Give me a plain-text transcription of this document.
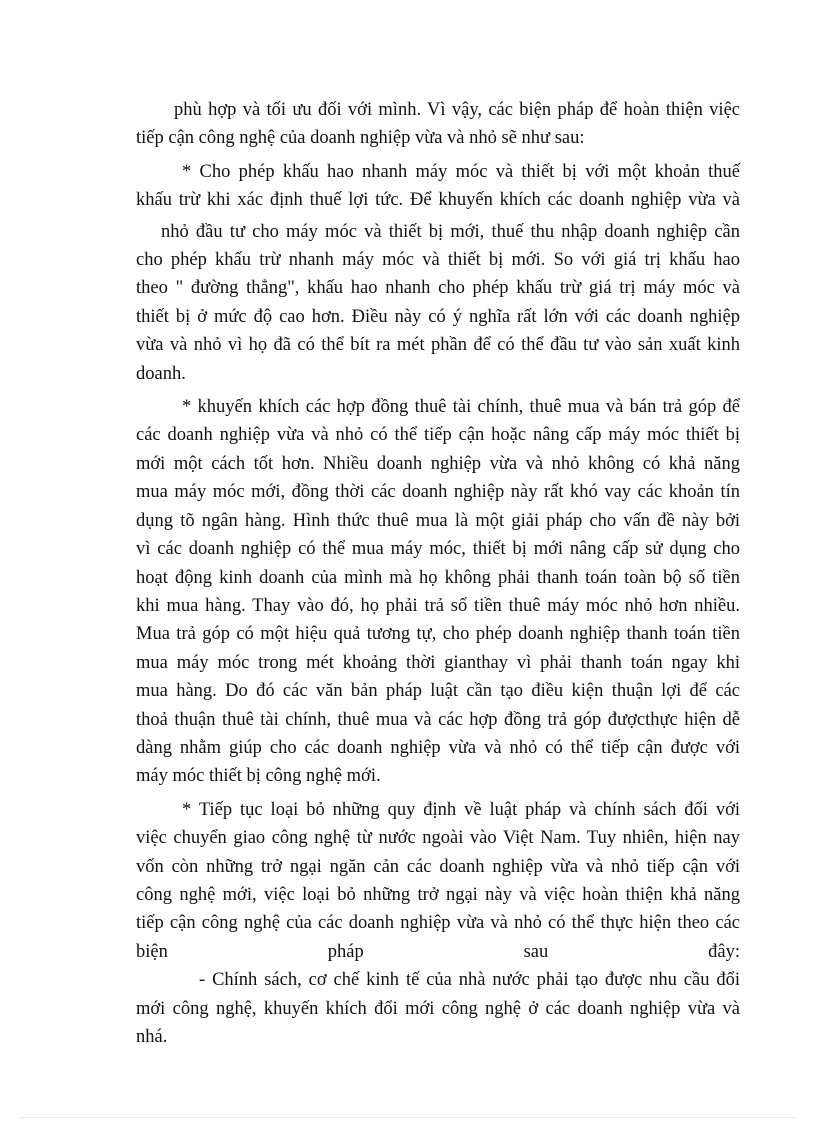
phù hợp và tối ưu đối với mình. Vì vậy, các biện pháp để hoàn thiện việc
tiếp cận công nghệ của doanh nghiệp vừa và nhỏ sẽ như sau:
* Cho phép khấu hao nhanh máy móc và thiết bị với một khoản thuế
khấu trừ khi xác định thuế lợi tức. Để khuyến khích các doanh nghiệp vừa và
nhỏ đầu tư cho máy móc và thiết bị mới, thuế thu nhập doanh nghiệp cần
cho phép khấu trừ nhanh máy móc và thiết bị mới. So với giá trị khấu hao
theo " đường thẳng", khấu hao nhanh cho phép khấu trừ giá trị máy móc và
thiết bị ở mức độ cao hơn. Điều này có ý nghĩa rất lớn với các doanh nghiệp
vừa và nhỏ vì họ đã có thể bít ra mét phần để có thể đầu tư vào sản xuất kinh
doanh.
* khuyến khích các hợp đồng thuê tài chính, thuê mua và bán trả góp để
các doanh nghiệp vừa và nhỏ có thể tiếp cận hoặc nâng cấp máy móc thiết bị
mới một cách tốt hơn. Nhiều doanh nghiệp vừa và nhỏ không có khả năng
mua máy móc mới, đồng thời các doanh nghiệp này rất khó vay các khoản tín
dụng tõ ngân hàng. Hình thức thuê mua là một giải pháp cho vấn đề này bởi
vì các doanh nghiệp có thể mua máy móc, thiết bị mới nâng cấp sử dụng cho
hoạt động kinh doanh của mình mà họ không phải thanh toán toàn bộ số tiền
khi mua hàng. Thay vào đó, họ phải trả số tiền thuê máy móc nhỏ hơn nhiều.
Mua trả góp có một hiệu quả tương tự, cho phép doanh nghiệp thanh toán tiền
mua máy móc trong mét khoảng thời gianthay vì phải thanh toán ngay khi
mua hàng. Do đó các văn bản pháp luật cần tạo điều kiện thuận lợi để các
thoả thuận thuê tài chính, thuê mua và các hợp đồng trả góp đượcthực hiện dễ
dàng nhằm giúp cho các doanh nghiệp vừa và nhỏ có thể tiếp cận được với
máy móc thiết bị công nghệ mới.
* Tiếp tục loại bỏ những quy định về luật pháp và chính sách đối với
việc chuyển giao công nghệ từ nước ngoài vào Việt Nam. Tuy nhiên, hiện nay
vốn còn những trở ngại ngăn cản các doanh nghiệp vừa và nhỏ tiếp cận với
công nghệ mới, việc loại bỏ những trở ngại này và việc hoàn thiện khả năng
tiếp cận công nghệ của các doanh nghiệp vừa và nhỏ có thể thực hiện theo các
biện pháp sau đây:
- Chính sách, cơ chế kinh tế của nhà nước phải tạo được nhu cầu đổi
mới công nghệ, khuyến khích đổi mới công nghệ ở các doanh nghiệp vừa và
nhá.
